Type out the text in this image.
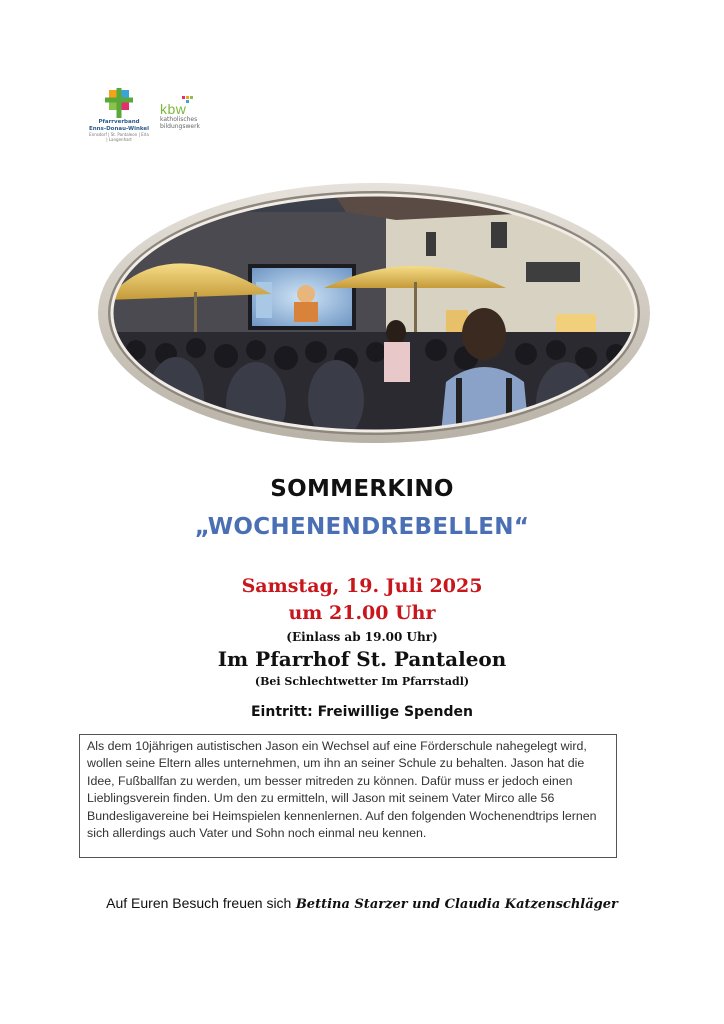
Pfarrverband
Enns-Donau-Winkel
Ennsdorf | St. Pantaleon | Erla | Langenhart
kbw
katholisches
bildungswerk
SOMMERKINO
„WOCHENENDREBELLEN“
Samstag, 19. Juli 2025
um 21.00 Uhr
(Einlass ab 19.00 Uhr)
Im Pfarrhof St. Pantaleon
(Bei Schlechtwetter Im Pfarrstadl)
Eintritt: Freiwillige Spenden

Als dem 10jährigen autistischen Jason ein Wechsel auf eine Förderschule nahegelegt wird, wollen seine Eltern alles unternehmen, um ihn an seiner Schule zu behalten. Jason hat die Idee, Fußballfan zu werden, um besser mitreden zu können. Dafür muss er jedoch einen Lieblingsverein finden. Um den zu ermitteln, will Jason mit seinem Vater Mirco alle 56 Bundesligavereine bei Heimspielen kennenlernen. Auf den folgenden Wochenendtrips lernen sich allerdings auch Vater und Sohn noch einmal neu kennen.

Auf Euren Besuch freuen sich Bettina Starzer und Claudia Katzenschläger
